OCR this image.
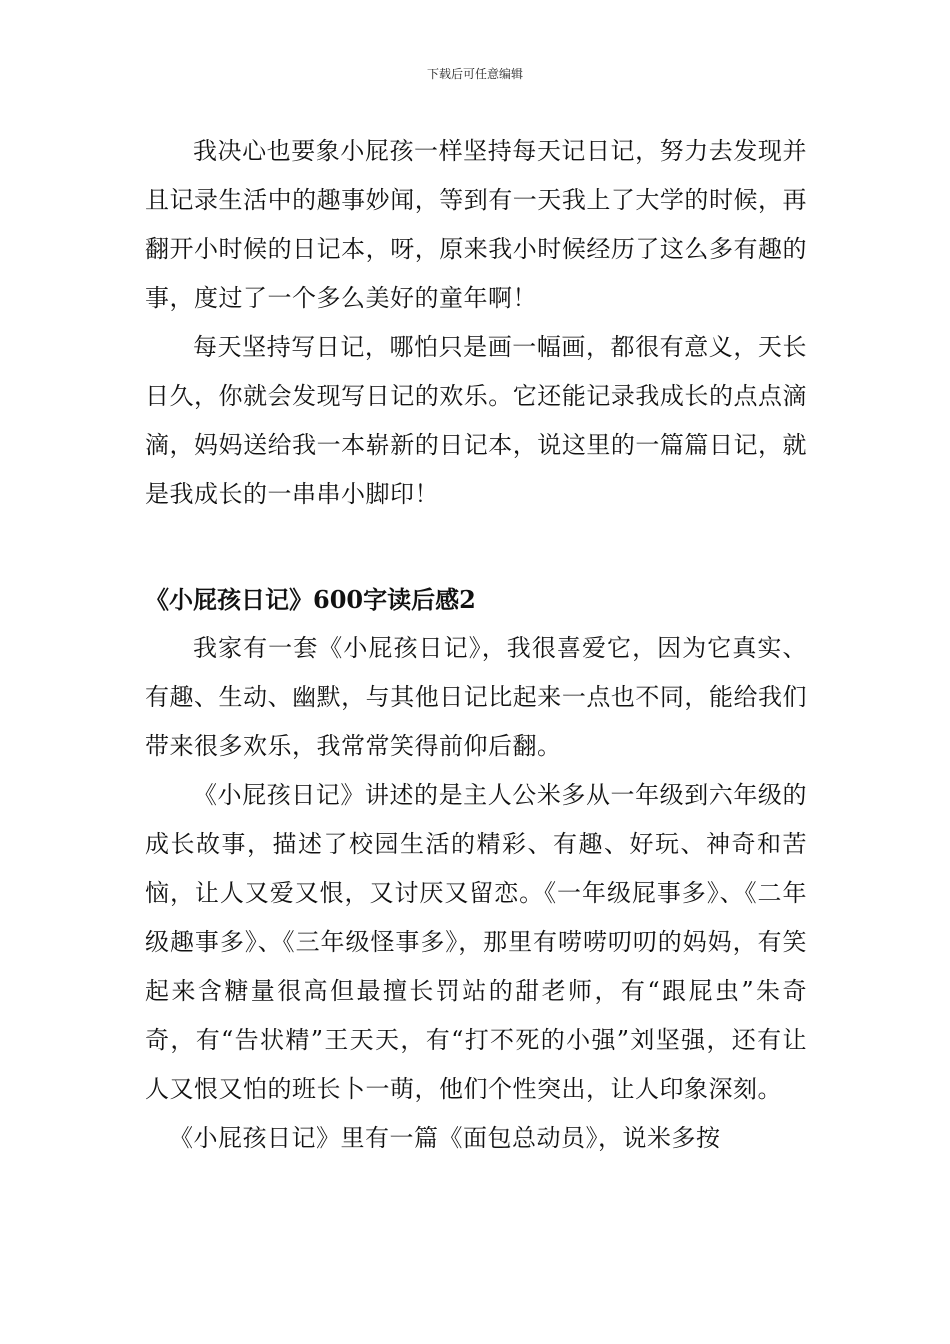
下载后可任意编辑

我决心也要象小屁孩一样坚持每天记日记，努力去发现并且记录生活中的趣事妙闻，等到有一天我上了大学的时候，再翻开小时候的日记本，呀，原来我小时候经历了这么多有趣的事，度过了一个多么美好的童年啊！

每天坚持写日记，哪怕只是画一幅画，都很有意义，天长日久，你就会发现写日记的欢乐。它还能记录我成长的点点滴滴，妈妈送给我一本崭新的日记本，说这里的一篇篇日记，就是我成长的一串串小脚印！

《小屁孩日记》600字读后感2

我家有一套《小屁孩日记》，我很喜爱它，因为它真实、有趣、生动、幽默，与其他日记比起来一点也不同，能给我们带来很多欢乐，我常常笑得前仰后翻。

《小屁孩日记》讲述的是主人公米多从一年级到六年级的成长故事，描述了校园生活的精彩、有趣、好玩、神奇和苦恼，让人又爱又恨，又讨厌又留恋。《一年级屁事多》、《二年级趣事多》、《三年级怪事多》，那里有唠唠叨叨的妈妈，有笑起来含糖量很高但最擅长罚站的甜老师，有“跟屁虫”朱奇奇，有“告状精”王天天，有“打不死的小强”刘坚强，还有让人又恨又怕的班长卜一萌，他们个性突出，让人印象深刻。

《小屁孩日记》里有一篇《面包总动员》，说米多按
